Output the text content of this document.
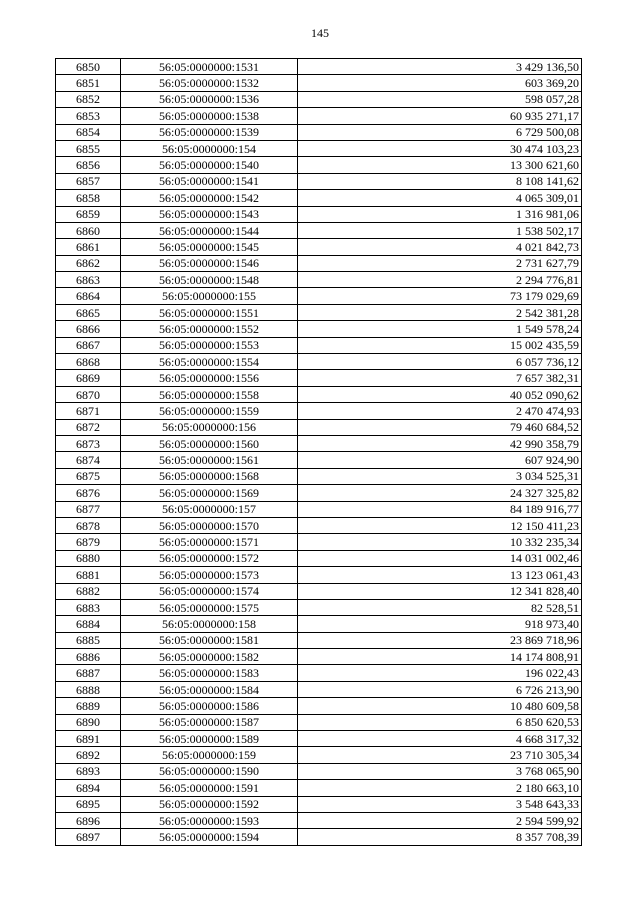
145
6850	56:05:0000000:1531	3 429 136,50
6851	56:05:0000000:1532	603 369,20
6852	56:05:0000000:1536	598 057,28
6853	56:05:0000000:1538	60 935 271,17
6854	56:05:0000000:1539	6 729 500,08
6855	56:05:0000000:154	30 474 103,23
6856	56:05:0000000:1540	13 300 621,60
6857	56:05:0000000:1541	8 108 141,62
6858	56:05:0000000:1542	4 065 309,01
6859	56:05:0000000:1543	1 316 981,06
6860	56:05:0000000:1544	1 538 502,17
6861	56:05:0000000:1545	4 021 842,73
6862	56:05:0000000:1546	2 731 627,79
6863	56:05:0000000:1548	2 294 776,81
6864	56:05:0000000:155	73 179 029,69
6865	56:05:0000000:1551	2 542 381,28
6866	56:05:0000000:1552	1 549 578,24
6867	56:05:0000000:1553	15 002 435,59
6868	56:05:0000000:1554	6 057 736,12
6869	56:05:0000000:1556	7 657 382,31
6870	56:05:0000000:1558	40 052 090,62
6871	56:05:0000000:1559	2 470 474,93
6872	56:05:0000000:156	79 460 684,52
6873	56:05:0000000:1560	42 990 358,79
6874	56:05:0000000:1561	607 924,90
6875	56:05:0000000:1568	3 034 525,31
6876	56:05:0000000:1569	24 327 325,82
6877	56:05:0000000:157	84 189 916,77
6878	56:05:0000000:1570	12 150 411,23
6879	56:05:0000000:1571	10 332 235,34
6880	56:05:0000000:1572	14 031 002,46
6881	56:05:0000000:1573	13 123 061,43
6882	56:05:0000000:1574	12 341 828,40
6883	56:05:0000000:1575	82 528,51
6884	56:05:0000000:158	918 973,40
6885	56:05:0000000:1581	23 869 718,96
6886	56:05:0000000:1582	14 174 808,91
6887	56:05:0000000:1583	196 022,43
6888	56:05:0000000:1584	6 726 213,90
6889	56:05:0000000:1586	10 480 609,58
6890	56:05:0000000:1587	6 850 620,53
6891	56:05:0000000:1589	4 668 317,32
6892	56:05:0000000:159	23 710 305,34
6893	56:05:0000000:1590	3 768 065,90
6894	56:05:0000000:1591	2 180 663,10
6895	56:05:0000000:1592	3 548 643,33
6896	56:05:0000000:1593	2 594 599,92
6897	56:05:0000000:1594	8 357 708,39
